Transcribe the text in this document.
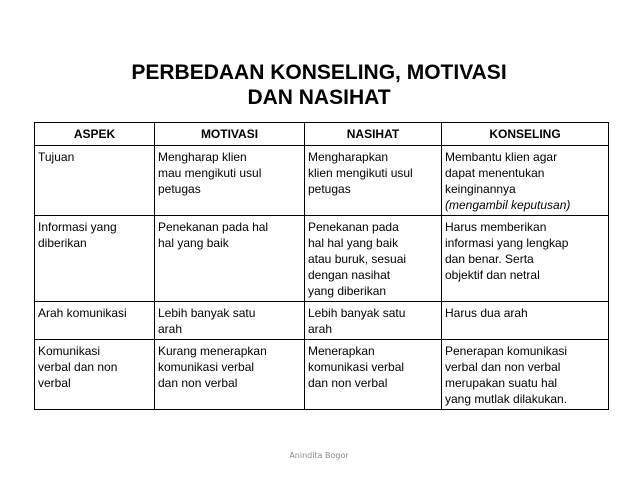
PERBEDAAN KONSELING, MOTIVASI
DAN NASIHAT
ASPEK	MOTIVASI	NASIHAT	KONSELING

Tujuan	Mengharap klien
mau mengikuti usul
petugas	Mengharapkan
klien mengikuti usul
petugas	Membantu klien agar
dapat menentukan
keinginannya
(mengambil keputusan)

Informasi yang
diberikan	Penekanan pada hal
hal yang baik	Penekanan pada
hal hal yang baik
atau buruk, sesuai
dengan nasihat
yang diberikan	Harus memberikan
informasi yang lengkap
dan benar. Serta
objektif dan netral

Arah komunikasi	Lebih banyak satu
arah	Lebih banyak satu
arah	Harus dua arah

Komunikasi
verbal dan non
verbal	Kurang menerapkan
komunikasi verbal
dan non verbal	Menerapkan
komunikasi verbal
dan non verbal	Penerapan komunikasi
verbal dan non verbal
merupakan suatu hal
yang mutlak dilakukan.
Anindita Bogor
